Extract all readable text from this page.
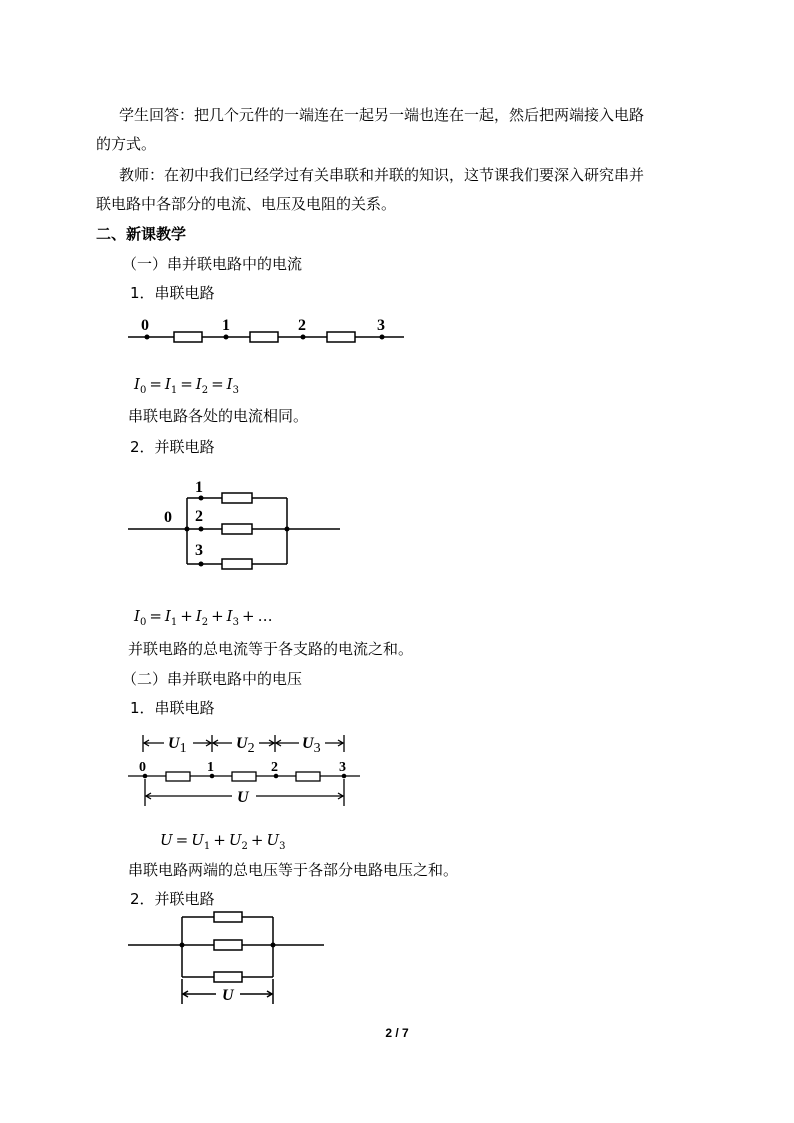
学生回答：把几个元件的一端连在一起另一端也连在一起，然后把两端接入电路
的方式。
教师：在初中我们已经学过有关串联和并联的知识，这节课我们要深入研究串并
联电路中各部分的电流、电压及电阻的关系。
二、新课教学
（一）串并联电路中的电流
1．串联电路
0	1	2	3
$I_0 = I_1 = I_2 = I_3$
串联电路各处的电流相同。
2．并联电路
0
1
2
3
$I_0 = I_1 + I_2 + I_3$ + …
并联电路的总电流等于各支路的电流之和。
（二）串并联电路中的电压
1．串联电路
U1	U2	U3
0	1	2	3
U
$U = U_1 + U_2 + U_3$
串联电路两端的总电压等于各部分电路电压之和。
2．并联电路
U
2 / 7
